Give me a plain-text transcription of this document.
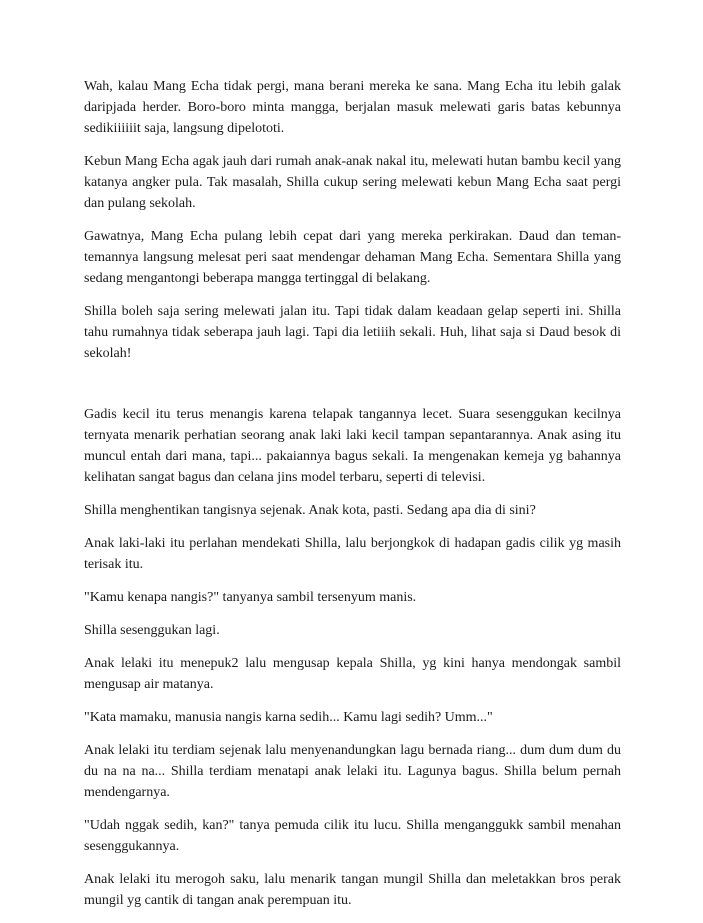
Wah, kalau Mang Echa tidak pergi, mana berani mereka ke sana. Mang Echa itu lebih galak daripjada herder. Boro-boro minta mangga, berjalan masuk melewati garis batas kebunnya sedikiiiiiit saja, langsung dipelototi.

Kebun Mang Echa agak jauh dari rumah anak-anak nakal itu, melewati hutan bambu kecil yang katanya angker pula. Tak masalah, Shilla cukup sering melewati kebun Mang Echa saat pergi dan pulang sekolah.

Gawatnya, Mang Echa pulang lebih cepat dari yang mereka perkirakan. Daud dan teman-temannya langsung melesat peri saat mendengar dehaman Mang Echa. Sementara Shilla yang sedang mengantongi beberapa mangga tertinggal di belakang.

Shilla boleh saja sering melewati jalan itu. Tapi tidak dalam keadaan gelap seperti ini. Shilla tahu rumahnya tidak seberapa jauh lagi. Tapi dia letiiih sekali. Huh, lihat saja si Daud besok di sekolah!

Gadis kecil itu terus menangis karena telapak tangannya lecet. Suara sesenggukan kecilnya ternyata menarik perhatian seorang anak laki laki kecil tampan sepantarannya. Anak asing itu muncul entah dari mana, tapi... pakaiannya bagus sekali. Ia mengenakan kemeja yg bahannya kelihatan sangat bagus dan celana jins model terbaru, seperti di televisi.

Shilla menghentikan tangisnya sejenak. Anak kota, pasti. Sedang apa dia di sini?

Anak laki-laki itu perlahan mendekati Shilla, lalu berjongkok di hadapan gadis cilik yg masih terisak itu.

"Kamu kenapa nangis?" tanyanya sambil tersenyum manis.

Shilla sesenggukan lagi.

Anak lelaki itu menepuk2 lalu mengusap kepala Shilla, yg kini hanya mendongak sambil mengusap air matanya.

"Kata mamaku, manusia nangis karna sedih... Kamu lagi sedih? Umm..."

Anak lelaki itu terdiam sejenak lalu menyenandungkan lagu bernada riang... dum dum dum du du na na na... Shilla terdiam menatapi anak lelaki itu. Lagunya bagus. Shilla belum pernah mendengarnya.

"Udah nggak sedih, kan?" tanya pemuda cilik itu lucu. Shilla menganggukk sambil menahan sesenggukannya.

Anak lelaki itu merogoh saku, lalu menarik tangan mungil Shilla dan meletakkan bros perak mungil yg cantik di tangan anak perempuan itu.
